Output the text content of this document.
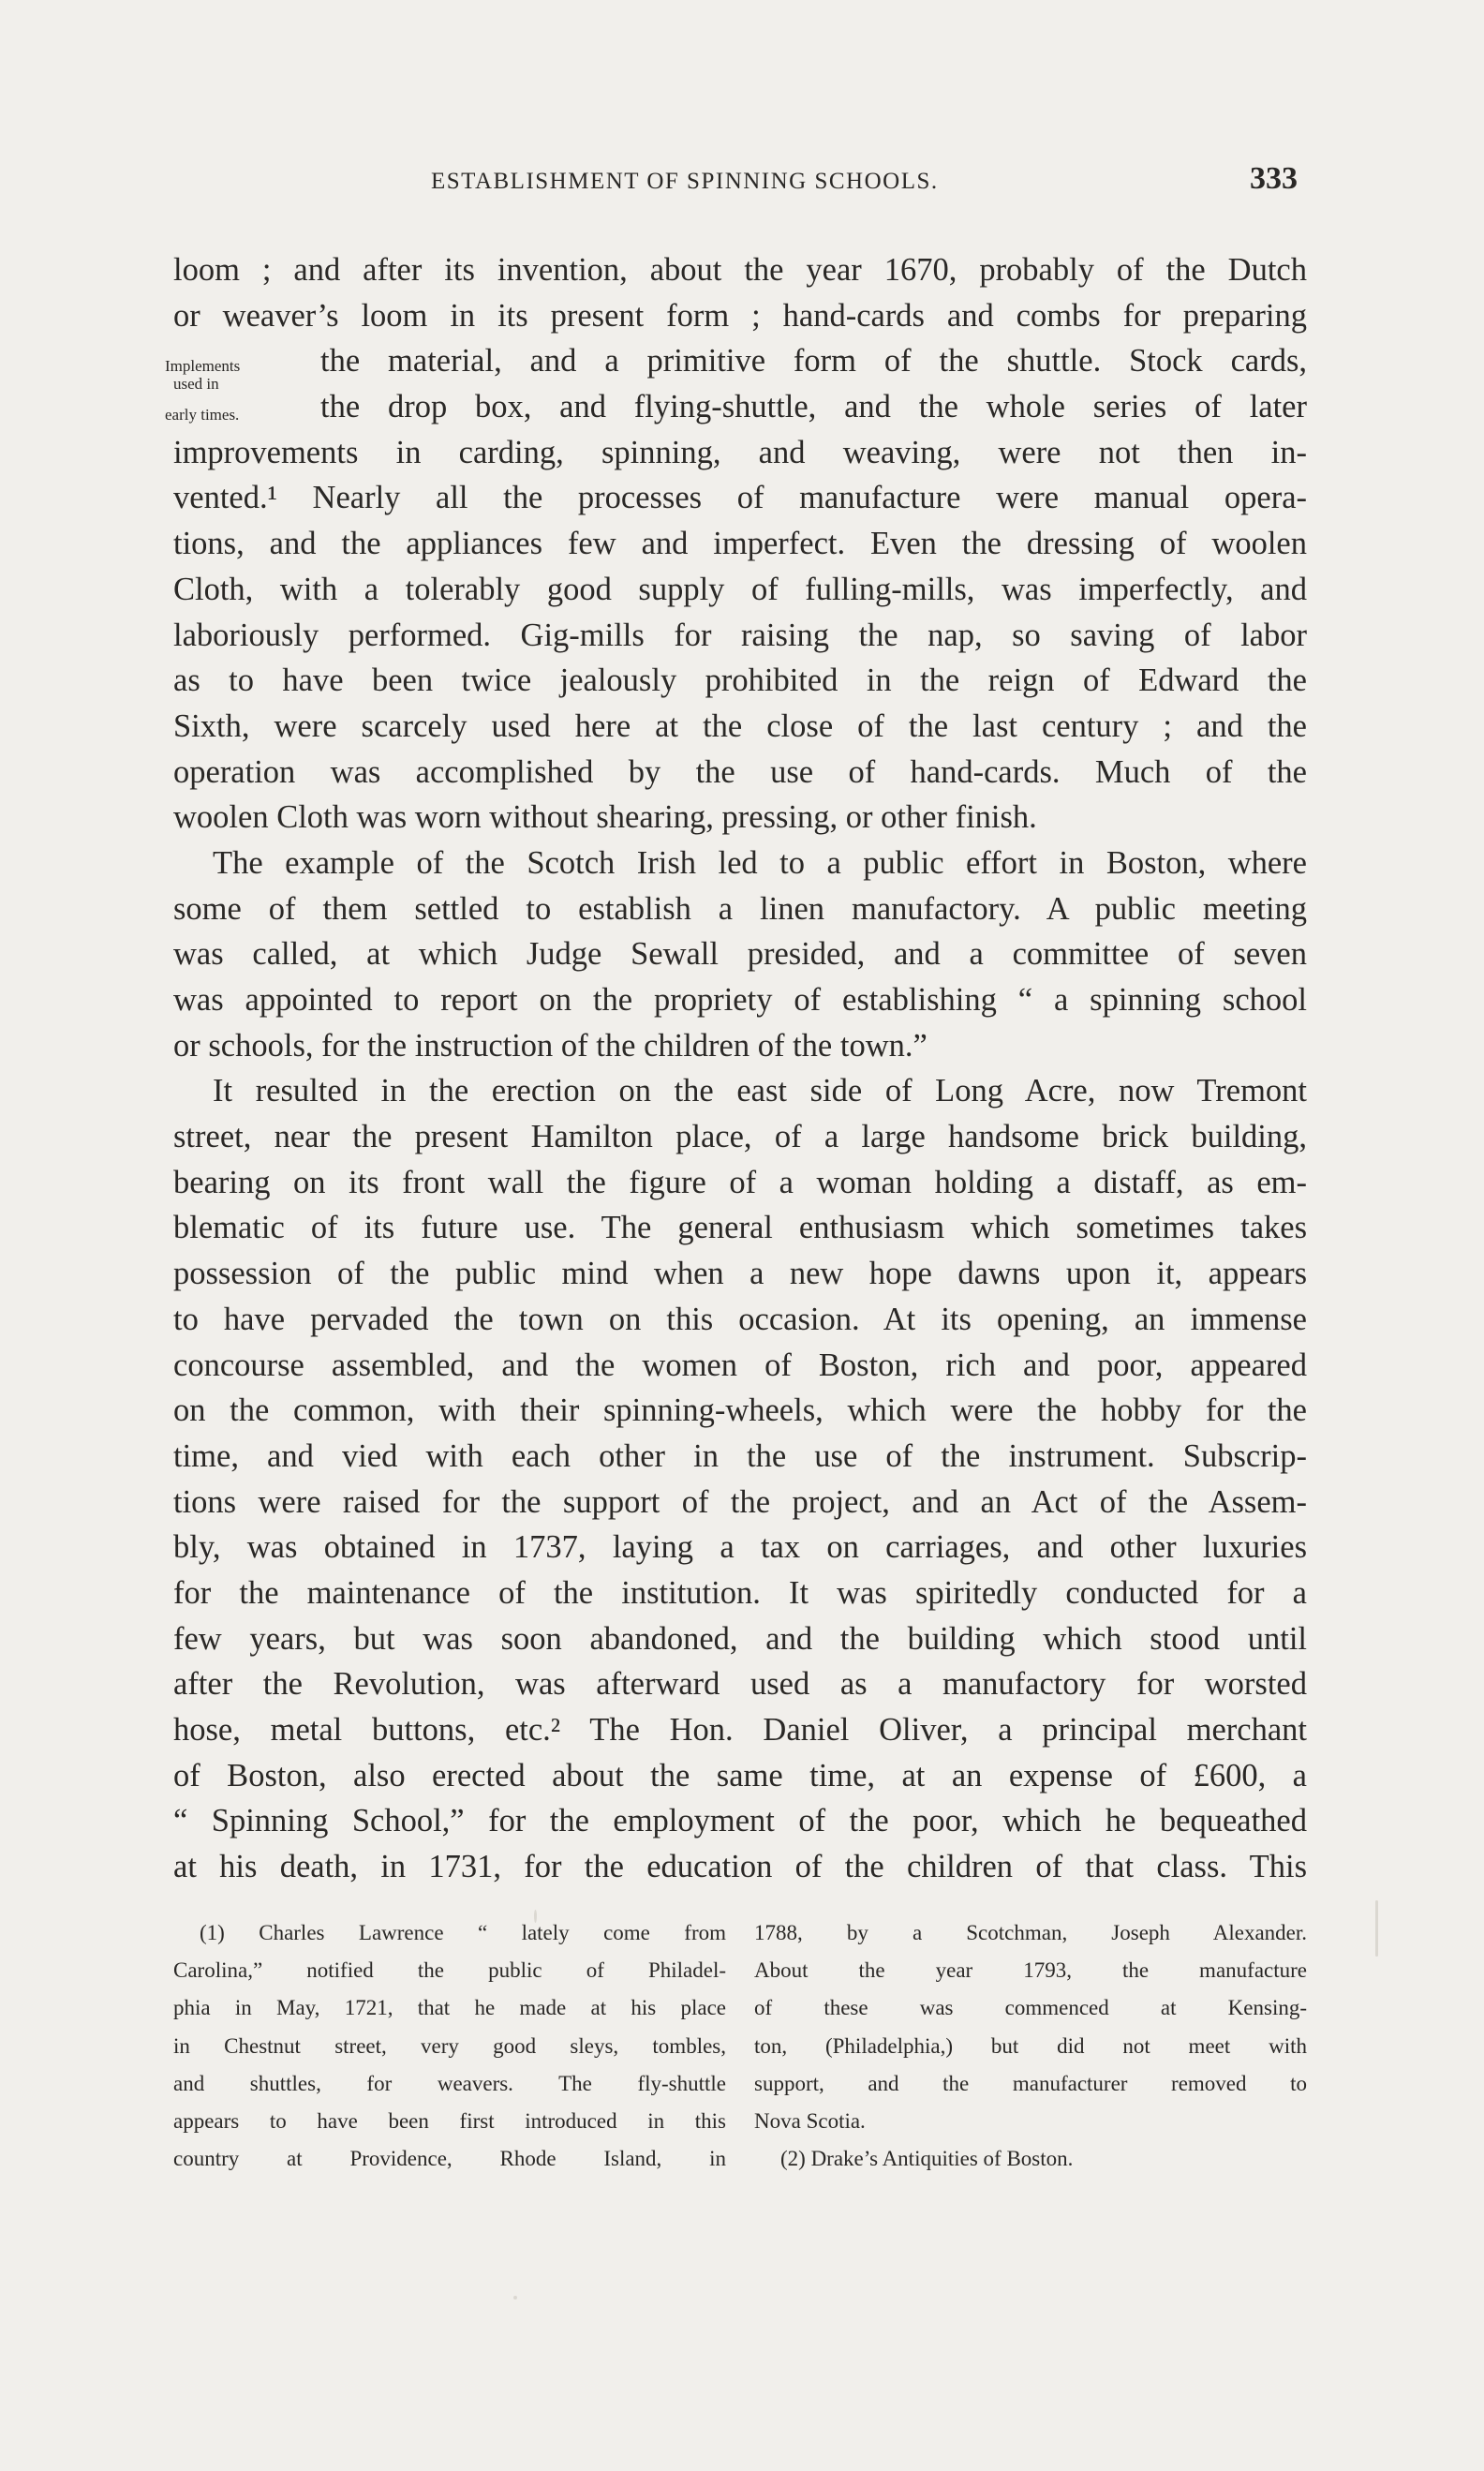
ESTABLISHMENT OF SPINNING SCHOOLS.	333
Implements
used in
early times.
loom ; and after its invention, about the year 1670, probably of the Dutch
or weaver’s loom in its present form ; hand-cards and combs for preparing
the material, and a primitive form of the shuttle. Stock cards,
the drop box, and flying-shuttle, and the whole series of later
improvements in carding, spinning, and weaving, were not then in-
vented.¹ Nearly all the processes of manufacture were manual opera-
tions, and the appliances few and imperfect. Even the dressing of woolen
Cloth, with a tolerably good supply of fulling-mills, was imperfectly, and
laboriously performed. Gig-mills for raising the nap, so saving of labor
as to have been twice jealously prohibited in the reign of Edward the
Sixth, were scarcely used here at the close of the last century ; and the
operation was accomplished by the use of hand-cards. Much of the
woolen Cloth was worn without shearing, pressing, or other finish.
The example of the Scotch Irish led to a public effort in Boston, where
some of them settled to establish a linen manufactory. A public meeting
was called, at which Judge Sewall presided, and a committee of seven
was appointed to report on the propriety of establishing “ a spinning school
or schools, for the instruction of the children of the town.”
It resulted in the erection on the east side of Long Acre, now Tremont
street, near the present Hamilton place, of a large handsome brick building,
bearing on its front wall the figure of a woman holding a distaff, as em-
blematic of its future use. The general enthusiasm which sometimes takes
possession of the public mind when a new hope dawns upon it, appears
to have pervaded the town on this occasion. At its opening, an immense
concourse assembled, and the women of Boston, rich and poor, appeared
on the common, with their spinning-wheels, which were the hobby for the
time, and vied with each other in the use of the instrument. Subscrip-
tions were raised for the support of the project, and an Act of the Assem-
bly, was obtained in 1737, laying a tax on carriages, and other luxuries
for the maintenance of the institution. It was spiritedly conducted for a
few years, but was soon abandoned, and the building which stood until
after the Revolution, was afterward used as a manufactory for worsted
hose, metal buttons, etc.² The Hon. Daniel Oliver, a principal merchant
of Boston, also erected about the same time, at an expense of £600, a
“ Spinning School,” for the employment of the poor, which he bequeathed
at his death, in 1731, for the education of the children of that class. This
(1) Charles Lawrence “ lately come from
Carolina,” notified the public of Philadel-
phia in May, 1721, that he made at his place
in Chestnut street, very good sleys, tombles,
and shuttles, for weavers. The fly-shuttle
appears to have been first introduced in this
country at Providence, Rhode Island, in
1788, by a Scotchman, Joseph Alexander.
About the year 1793, the manufacture
of these was commenced at Kensing-
ton, (Philadelphia,) but did not meet with
support, and the manufacturer removed to
Nova Scotia.
(2) Drake’s Antiquities of Boston.
